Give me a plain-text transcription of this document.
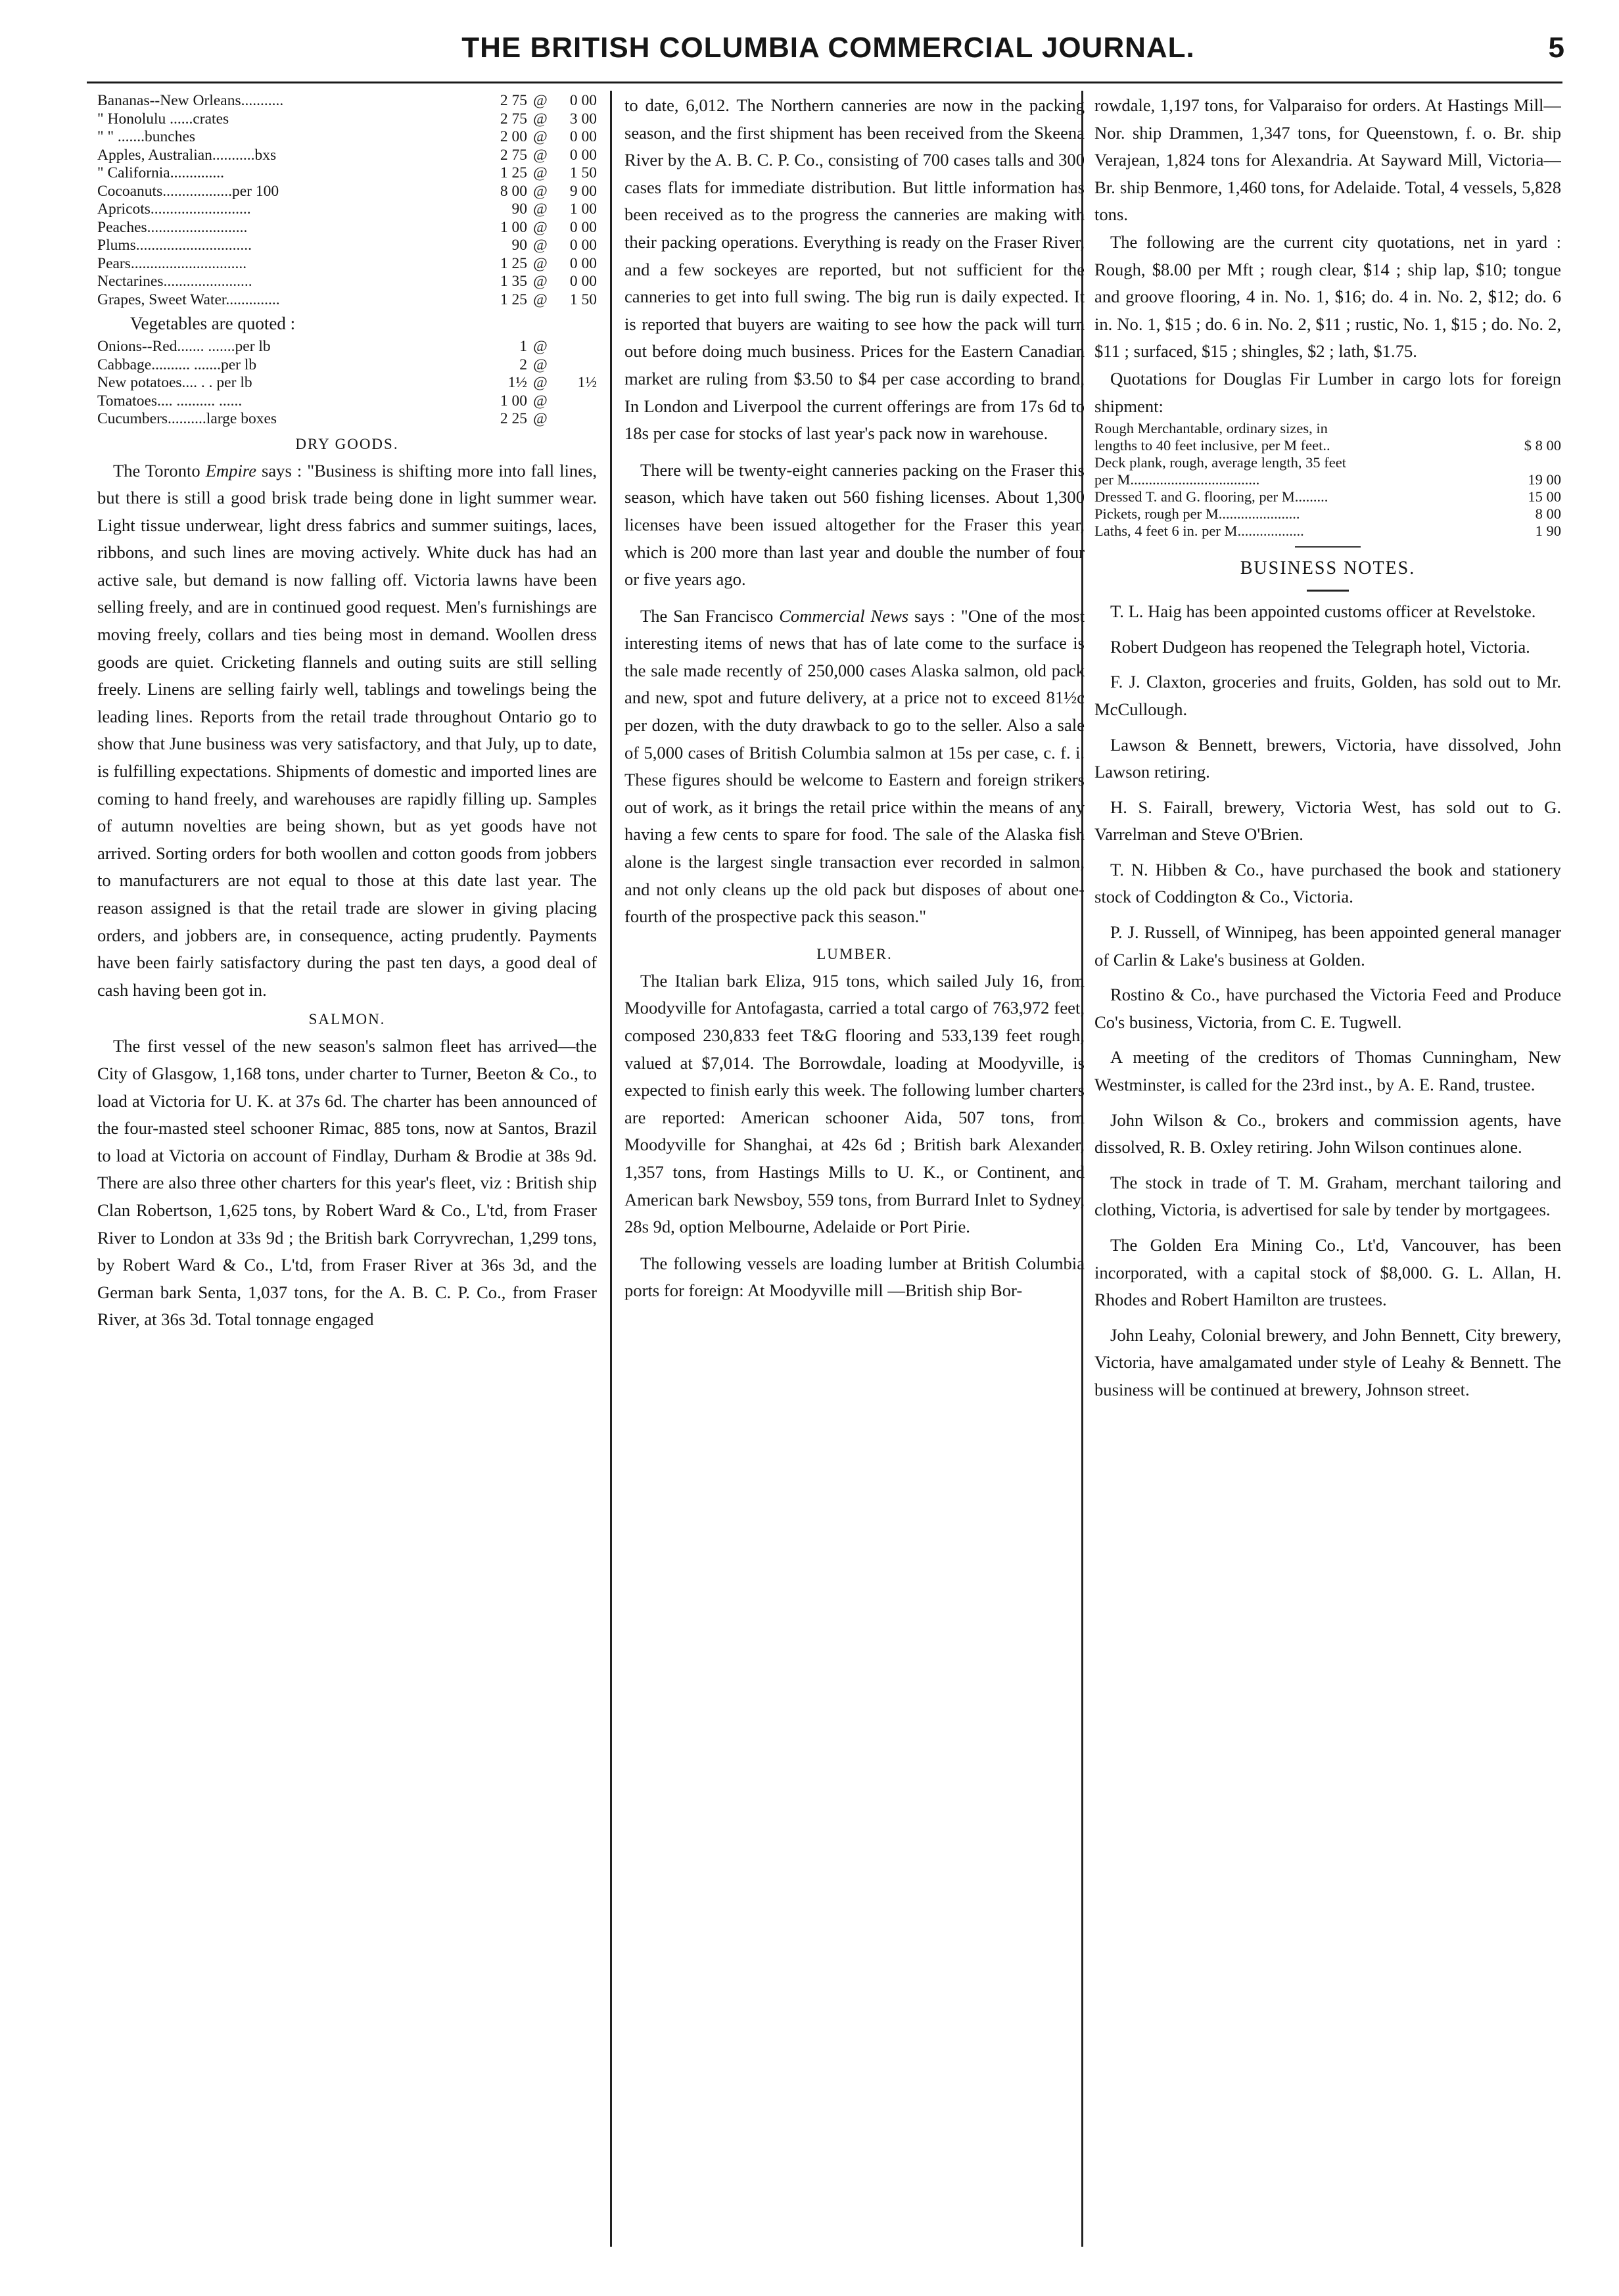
THE BRITISH COLUMBIA COMMERCIAL JOURNAL.	5
Bananas--New Orleans...........	2 75 @	0 00
" Honolulu ......crates	2 75 @	3 00
" " .......bunches	2 00 @	0 00
Apples, Australian...........bxs	2 75 @	0 00
" California..............	1 25 @	1 50
Cocoanuts..................per 100	8 00 @	9 00
Apricots..........................	90 @	1 00
Peaches..........................	1 00 @	0 00
Plums..............................	90 @	0 00
Pears..............................	1 25 @	0 00
Nectarines.......................	1 35 @	0 00
Grapes, Sweet Water..............	1 25 @	1 50
Vegetables are quoted :
Onions--Red....... .......per lb	1 @
Cabbage.......... .......per lb	2 @
New potatoes.... . . per lb	1½ @	1½
Tomatoes.... .......... ......	1 00 @
Cucumbers..........large boxes	2 25 @
DRY GOODS.

The Toronto Empire says : "Business is shifting more into fall lines, but there is still a good brisk trade being done in light summer wear. Light tissue underwear, light dress fabrics and summer suitings, laces, ribbons, and such lines are moving actively. White duck has had an active sale, but demand is now falling off. Victoria lawns have been selling freely, and are in continued good request. Men's furnishings are moving freely, collars and ties being most in demand. Woollen dress goods are quiet. Cricketing flannels and outing suits are still selling freely. Linens are selling fairly well, tablings and towelings being the leading lines. Reports from the retail trade throughout Ontario go to show that June business was very satisfactory, and that July, up to date, is fulfilling expectations. Shipments of domestic and imported lines are coming to hand freely, and warehouses are rapidly filling up. Samples of autumn novelties are being shown, but as yet goods have not arrived. Sorting orders for both woollen and cotton goods from jobbers to manufacturers are not equal to those at this date last year. The reason assigned is that the retail trade are slower in giving placing orders, and jobbers are, in consequence, acting prudently. Payments have been fairly satisfactory during the past ten days, a good deal of cash having been got in.

SALMON.

The first vessel of the new season's salmon fleet has arrived—the City of Glasgow, 1,168 tons, under charter to Turner, Beeton & Co., to load at Victoria for U. K. at 37s 6d. The charter has been announced of the four-masted steel schooner Rimac, 885 tons, now at Santos, Brazil to load at Victoria on account of Findlay, Durham & Brodie at 38s 9d. There are also three other charters for this year's fleet, viz : British ship Clan Robertson, 1,625 tons, by Robert Ward & Co., L'td, from Fraser River to London at 33s 9d ; the British bark Corryvrechan, 1,299 tons, by Robert Ward & Co., L'td, from Fraser River at 36s 3d, and the German bark Senta, 1,037 tons, for the A. B. C. P. Co., from Fraser River, at 36s 3d. Total tonnage engaged

to date, 6,012. The Northern canneries are now in the packing season, and the first shipment has been received from the Skeena River by the A. B. C. P. Co., consisting of 700 cases talls and 300 cases flats for immediate distribution. But little information has been received as to the progress the canneries are making with their packing operations. Everything is ready on the Fraser River, and a few sockeyes are reported, but not sufficient for the canneries to get into full swing. The big run is daily expected. It is reported that buyers are waiting to see how the pack will turn out before doing much business. Prices for the Eastern Canadian market are ruling from $3.50 to $4 per case according to brand, In London and Liverpool the current offerings are from 17s 6d to 18s per case for stocks of last year's pack now in warehouse.

There will be twenty-eight canneries packing on the Fraser this season, which have taken out 560 fishing licenses. About 1,300 licenses have been issued altogether for the Fraser this year, which is 200 more than last year and double the number of four or five years ago.

The San Francisco Commercial News says : "One of the most interesting items of news that has of late come to the surface is the sale made recently of 250,000 cases Alaska salmon, old pack and new, spot and future delivery, at a price not to exceed 81½c per dozen, with the duty drawback to go to the seller. Also a sale of 5,000 cases of British Columbia salmon at 15s per case, c. f. i. These figures should be welcome to Eastern and foreign strikers out of work, as it brings the retail price within the means of any having a few cents to spare for food. The sale of the Alaska fish alone is the largest single transaction ever recorded in salmon, and not only cleans up the old pack but disposes of about one-fourth of the prospective pack this season."

LUMBER.

The Italian bark Eliza, 915 tons, which sailed July 16, from Moodyville for Antofagasta, carried a total cargo of 763,972 feet, composed 230,833 feet T&G flooring and 533,139 feet rough, valued at $7,014. The Borrowdale, loading at Moodyville, is expected to finish early this week. The following lumber charters are reported: American schooner Aida, 507 tons, from Moodyville for Shanghai, at 42s 6d ; British bark Alexander, 1,357 tons, from Hastings Mills to U. K., or Continent, and American bark Newsboy, 559 tons, from Burrard Inlet to Sydney, 28s 9d, option Melbourne, Adelaide or Port Pirie.

The following vessels are loading lumber at British Columbia ports for foreign: At Moodyville mill —British ship Bor-

rowdale, 1,197 tons, for Valparaiso for orders. At Hastings Mill—Nor. ship Drammen, 1,347 tons, for Queenstown, f. o. Br. ship Verajean, 1,824 tons for Alexandria. At Sayward Mill, Victoria—Br. ship Benmore, 1,460 tons, for Adelaide. Total, 4 vessels, 5,828 tons.

The following are the current city quotations, net in yard : Rough, $8.00 per Mft ; rough clear, $14 ; ship lap, $10; tongue and groove flooring, 4 in. No. 1, $16; do. 4 in. No. 2, $12; do. 6 in. No. 1, $15 ; do. 6 in. No. 2, $11 ; rustic, No. 1, $15 ; do. No. 2, $11 ; surfaced, $15 ; shingles, $2 ; lath, $1.75.

Quotations for Douglas Fir Lumber in cargo lots for foreign shipment:

Rough Merchantable, ordinary sizes, in
lengths to 40 feet inclusive, per M feet..	$ 8 00
Deck plank, rough, average length, 35 feet
per M...................................	19 00
Dressed T. and G. flooring, per M.........	15 00
Pickets, rough per M......................	8 00
Laths, 4 feet 6 in. per M..................	1 90
BUSINESS NOTES.

T. L. Haig has been appointed customs officer at Revelstoke.

Robert Dudgeon has reopened the Telegraph hotel, Victoria.

F. J. Claxton, groceries and fruits, Golden, has sold out to Mr. McCullough.

Lawson & Bennett, brewers, Victoria, have dissolved, John Lawson retiring.

H. S. Fairall, brewery, Victoria West, has sold out to G. Varrelman and Steve O'Brien.

T. N. Hibben & Co., have purchased the book and stationery stock of Coddington & Co., Victoria.

P. J. Russell, of Winnipeg, has been appointed general manager of Carlin & Lake's business at Golden.

Rostino & Co., have purchased the Victoria Feed and Produce Co's business, Victoria, from C. E. Tugwell.

A meeting of the creditors of Thomas Cunningham, New Westminster, is called for the 23rd inst., by A. E. Rand, trustee.

John Wilson & Co., brokers and commission agents, have dissolved, R. B. Oxley retiring. John Wilson continues alone.

The stock in trade of T. M. Graham, merchant tailoring and clothing, Victoria, is advertised for sale by tender by mortgagees.

The Golden Era Mining Co., Lt'd, Vancouver, has been incorporated, with a capital stock of $8,000. G. L. Allan, H. Rhodes and Robert Hamilton are trustees.

John Leahy, Colonial brewery, and John Bennett, City brewery, Victoria, have amalgamated under style of Leahy & Bennett. The business will be continued at brewery, Johnson street.
